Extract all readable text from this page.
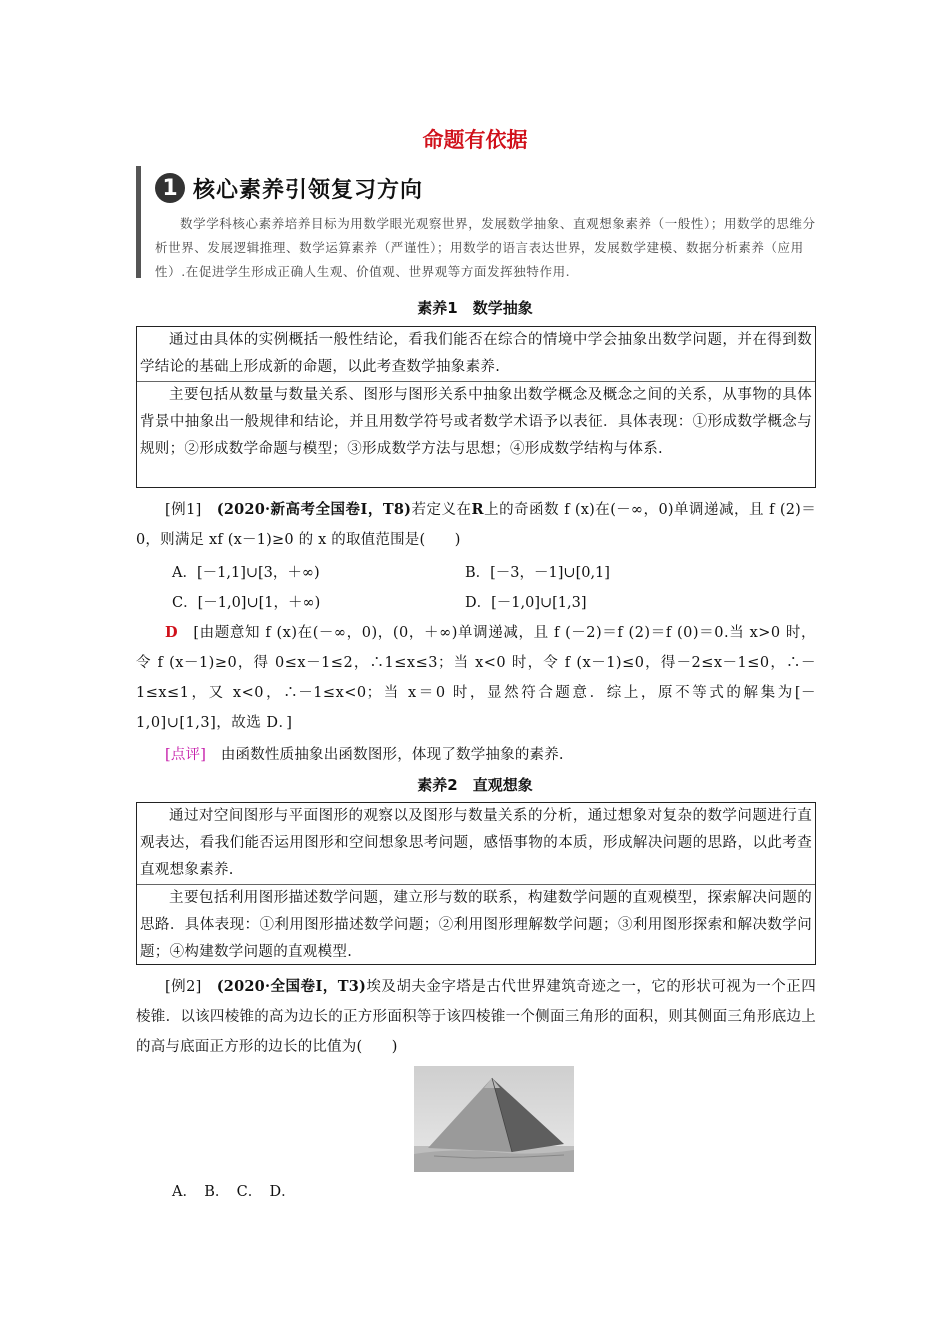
命题有依据
1 核心素养引领复习方向
数学学科核心素养培养目标为用数学眼光观察世界，发展数学抽象、直观想象素养（一般性）；用数学的思维分析世界、发展逻辑推理、数学运算素养（严谨性）；用数学的语言表达世界，发展数学建模、数据分析素养（应用性）.在促进学生形成正确人生观、价值观、世界观等方面发挥独特作用.
素养1　数学抽象

通过由具体的实例概括一般性结论，看我们能否在综合的情境中学会抽象出数学问题，并在得到数学结论的基础上形成新的命题，以此考查数学抽象素养.

主要包括从数量与数量关系、图形与图形关系中抽象出数学概念及概念之间的关系，从事物的具体背景中抽象出一般规律和结论，并且用数学符号或者数学术语予以表征．具体表现：①形成数学概念与规则；②形成数学命题与模型；③形成数学方法与思想；④形成数学结构与体系.

[例1]　 (2020·新高考全国卷Ⅰ，T8)若定义在R上的奇函数 f (x)在(－∞，0)单调递减，且 f (2)＝0，则满足 xf (x－1)≥0 的 x 的取值范围是(　　)
A．[－1,1]∪[3，＋∞)	B．[－3，－1]∪[0,1]
C．[－1,0]∪[1，＋∞)	D．[－1,0]∪[1,3]
D　 [由题意知 f (x)在(－∞，0)，(0，＋∞)单调递减，且 f (－2)＝f (2)＝f (0)＝0.当 x>0 时，令 f (x－1)≥0，得 0≤x－1≤2，∴1≤x≤3；当 x<0 时，令 f (x－1)≤0，得－2≤x－1≤0，∴－1≤x≤1，又 x<0，∴－1≤x<0；当 x＝0 时，显然符合题意．综上，原不等式的解集为[－1,0]∪[1,3]，故选 D．]
[点评]　 由函数性质抽象出函数图形，体现了数学抽象的素养.
素养2　直观想象

通过对空间图形与平面图形的观察以及图形与数量关系的分析，通过想象对复杂的数学问题进行直观表达，看我们能否运用图形和空间想象思考问题，感悟事物的本质，形成解决问题的思路，以此考查直观想象素养.

主要包括利用图形描述数学问题，建立形与数的联系，构建数学问题的直观模型，探索解决问题的思路．具体表现：①利用图形描述数学问题；②利用图形理解数学问题；③利用图形探索和解决数学问题；④构建数学问题的直观模型.

[例2]　 (2020·全国卷Ⅰ，T3)埃及胡夫金字塔是古代世界建筑奇迹之一，它的形状可视为一个正四棱锥．以该四棱锥的高为边长的正方形面积等于该四棱锥一个侧面三角形的面积，则其侧面三角形底边上的高与底面正方形的边长的比值为(　　)
A．　B．　C．　D．
